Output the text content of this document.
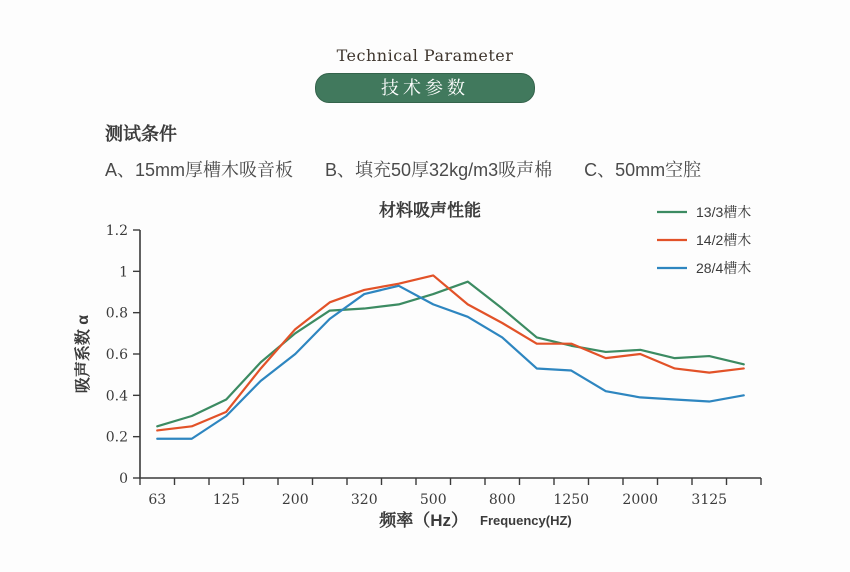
Technical Parameter
技术参数
测试条件
A、15mm厚槽木吸音板 B、填充50厚32kg/m3吸声棉 C、50mm空腔
材料吸声性能
吸声系数 α
频率（Hz） Frequency(HZ)
0
0.2
0.4
0.6
0.8
1
1.2
63	125	200	320	500	800	1250 2000 3125
13/3槽木
14/2槽木
28/4槽木
